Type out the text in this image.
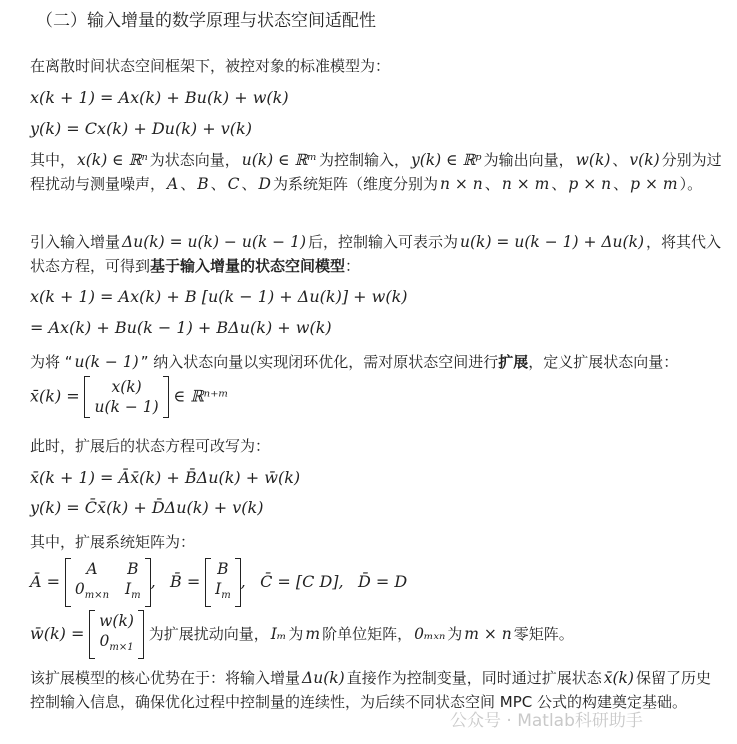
（二）输入增量的数学原理与状态空间适配性
在离散时间状态空间框架下，被控对象的标准模型为：
x(k + 1) = Ax(k) + Bu(k) + w(k)
y(k) = Cx(k) + Du(k) + v(k)
其中， x(k) ∈ ℝⁿ 为状态向量， u(k) ∈ ℝᵐ 为控制输入， y(k) ∈ ℝᵖ 为输出向量， w(k) 、 v(k) 分别为过程扰动与测量噪声， A 、 B 、 C 、 D 为系统矩阵（维度分别为 n × n 、 n × m 、 p × n 、 p × m ）。
引入输入增量 Δu(k) = u(k) − u(k − 1) 后，控制输入可表示为 u(k) = u(k − 1) + Δu(k) ，将其代入状态方程，可得到基于输入增量的状态空间模型：
x(k + 1) = Ax(k) + B [u(k − 1) + Δu(k)] + w(k)
= Ax(k) + Bu(k − 1) + BΔu(k) + w(k)
为将 “ u(k − 1) ” 纳入状态向量以实现闭环优化，需对原状态空间进行扩展，定义扩展状态向量：
x̄(k) =	x(k)
u(k − 1)
∈ ℝⁿ⁺ᵐ
此时，扩展后的状态方程可改写为：
x̄(k + 1) = Āx̄(k) + B̄Δu(k) + w̄(k)
y(k) = C̄x̄(k) + D̄Δu(k) + v(k)
其中，扩展系统矩阵为：
Ā =
A	B
$0_{m\times n}$ $I_m$
, B̄ =
B
$I_m$
, C̄ = [C D], D̄ = D
w̄(k) =
w(k)
$0_{m\times 1}$
为扩展扰动向量， Iₘ 为 m 阶单位矩阵， 0ₘₓₙ 为 m × n 零矩阵。
该扩展模型的核心优势在于：将输入增量 Δu(k) 直接作为控制变量，同时通过扩展状态 x̄(k) 保留了历史控制输入信息，确保优化过程中控制量的连续性，为后续不同状态空间 MPC 公式的构建奠定基础。
公众号 · Matlab科研助手
